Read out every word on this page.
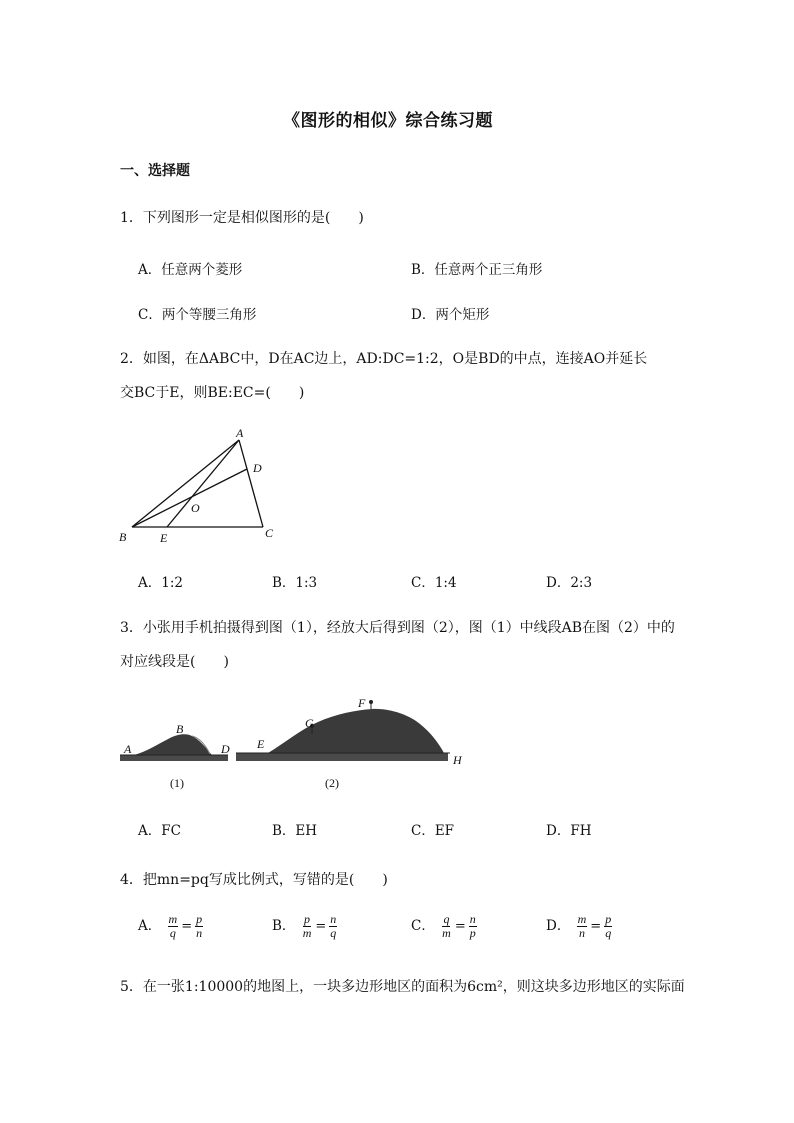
《图形的相似》综合练习题
一、选择题
1．下列图形一定是相似图形的是(　　)
A．任意两个菱形	B．任意两个正三角形
C．两个等腰三角形	D．两个矩形
2．如图，在ΔABC中，D在AC边上，AD:DC=1:2，O是BD的中点，连接AO并延长
交BC于E，则BE:EC=(　　)
A
D
O
B	E	C
A．1:2	B．1:3	C．1:4	D．2:3
3．小张用手机拍摄得到图（1），经放大后得到图（2），图（1）中线段AB在图（2）中的
对应线段是(　　)
A
B
D E
G
F
H
(1)	(2)
A．FC	B．EH	C．EF	D．FH
4．把mn=pq写成比例式，写错的是(　　)
A． $\frac{m}{q} = \frac{p}{n}$	B． $\frac{p}{m} = \frac{n}{q}$	C． $\frac{q}{m} = \frac{n}{p}$	D． $\frac{m}{n} = \frac{p}{q}$
5．在一张1:10000的地图上，一块多边形地区的面积为6cm²，则这块多边形地区的实际面
